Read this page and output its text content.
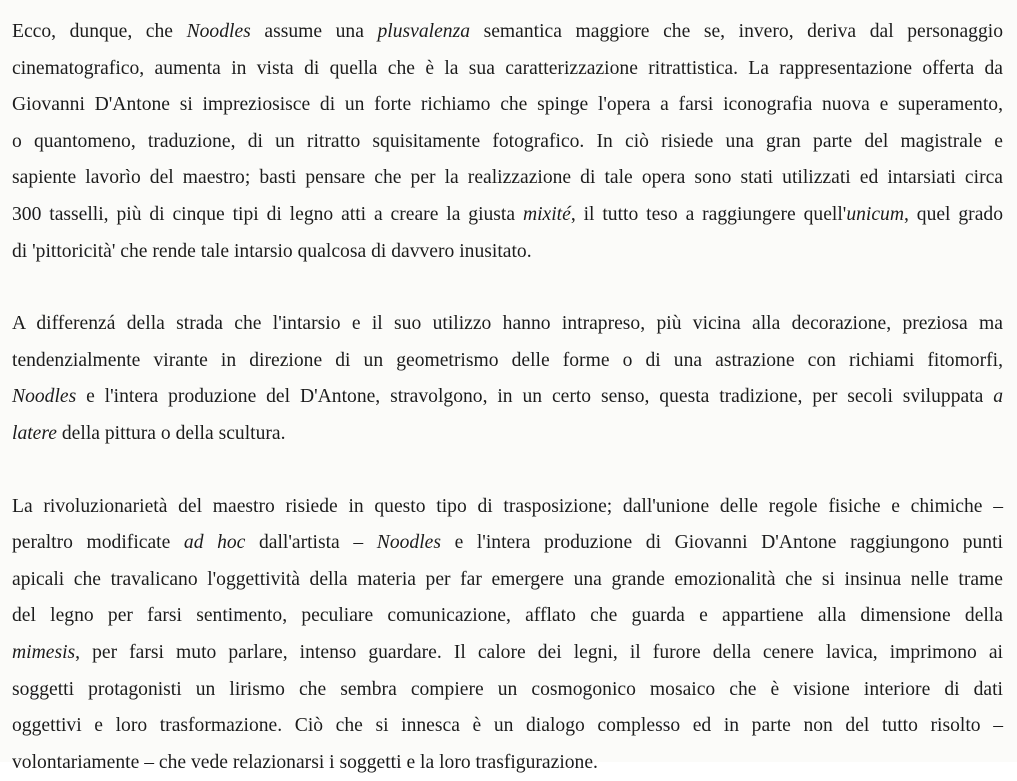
Ecco, dunque, che Noodles assume una plusvalenza semantica maggiore che se, invero, deriva dal personaggio
cinematografico, aumenta in vista di quella che è la sua caratterizzazione ritrattistica. La rappresentazione offerta da
Giovanni D'Antone si impreziosisce di un forte richiamo che spinge l'opera a farsi iconografia nuova e superamento,
o quantomeno, traduzione, di un ritratto squisitamente fotografico. In ciò risiede una gran parte del magistrale e
sapiente lavorìo del maestro; basti pensare che per la realizzazione di tale opera sono stati utilizzati ed intarsiati circa
300 tasselli, più di cinque tipi di legno atti a creare la giusta mixité, il tutto teso a raggiungere quell'unicum, quel grado
di 'pittoricità' che rende tale intarsio qualcosa di davvero inusitato.
A differenzá della strada che l'intarsio e il suo utilizzo hanno intrapreso, più vicina alla decorazione, preziosa ma
tendenzialmente virante in direzione di un geometrismo delle forme o di una astrazione con richiami fitomorfi,
Noodles e l'intera produzione del D'Antone, stravolgono, in un certo senso, questa tradizione, per secoli sviluppata a
latere della pittura o della scultura.
La rivoluzionarietà del maestro risiede in questo tipo di trasposizione; dall'unione delle regole fisiche e chimiche –
peraltro modificate ad hoc dall'artista – Noodles e l'intera produzione di Giovanni D'Antone raggiungono punti
apicali che travalicano l'oggettività della materia per far emergere una grande emozionalità che si insinua nelle trame
del legno per farsi sentimento, peculiare comunicazione, afflato che guarda e appartiene alla dimensione della
mimesis, per farsi muto parlare, intenso guardare. Il calore dei legni, il furore della cenere lavica, imprimono ai
soggetti protagonisti un lirismo che sembra compiere un cosmogonico mosaico che è visione interiore di dati
oggettivi e loro trasformazione. Ciò che si innesca è un dialogo complesso ed in parte non del tutto risolto –
volontariamente – che vede relazionarsi i soggetti e la loro trasfigurazione.
